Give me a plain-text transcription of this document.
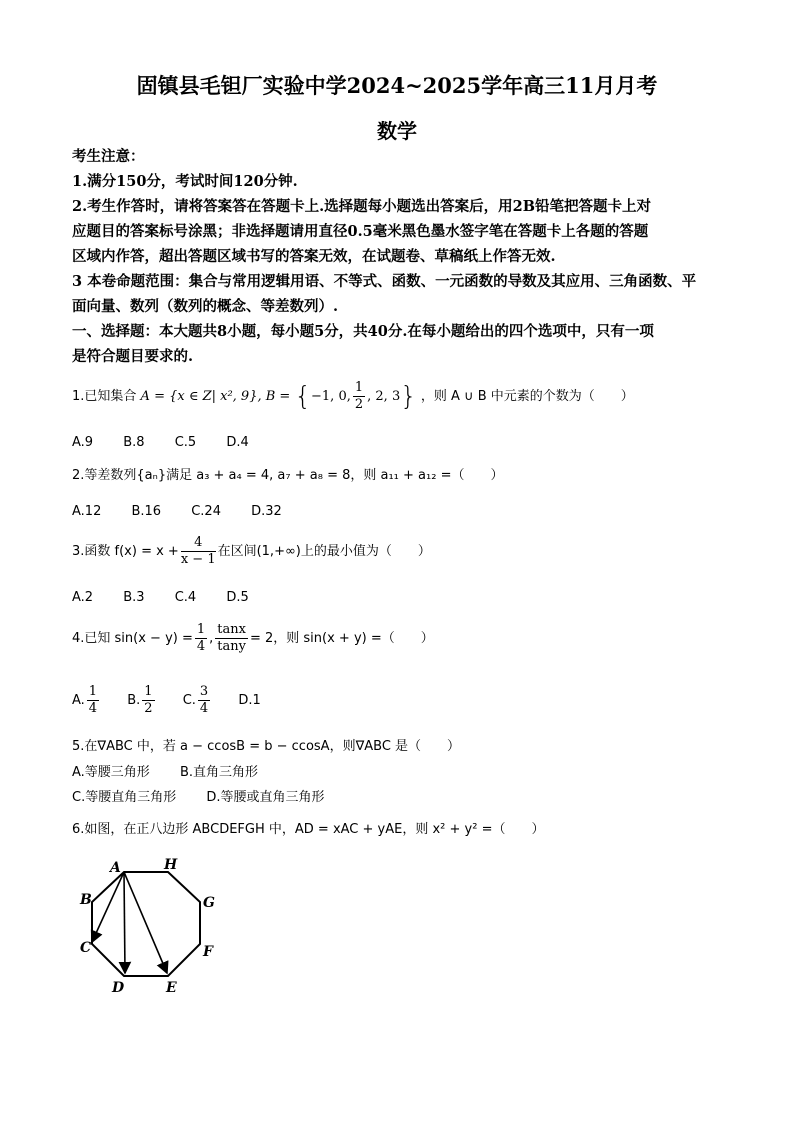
固镇县毛钽厂实验中学2024~2025学年高三11月月考
数学
考生注意：
1.满分150分，考试时间120分钟.
2.考生作答时，请将答案答在答题卡上.选择题每小题选出答案后，用2B铅笔把答题卡上对
应题目的答案标号涂黑；非选择题请用直径0.5毫米黑色墨水签字笔在答题卡上各题的答题
区域内作答，超出答题区域书写的答案无效，在试题卷、草稿纸上作答无效.
3 本卷命题范围：集合与常用逻辑用语、不等式、函数、一元函数的导数及其应用、三角函数、平
面向量、数列（数列的概念、等差数列）.
一、选择题：本大题共8小题，每小题5分，共40分.在每小题给出的四个选项中，只有一项
是符合题目要求的.
1.已知集合 A = {x ∈ Z| x², 9}, B = {−1, 0, $\frac{1}{2}$ , 2, 3} ，则 A ∪ B 中元素的个数为（　　）
A.9 B.8 C.5 D.4
2.等差数列{aₙ}满足 a₃ + a₄ = 4, a₇ + a₈ = 8，则 a₁₁ + a₁₂ =（　　）
A.12 B.16 C.24 D.32
3.函数 $f(x) = x + \frac{4}{x - 1}$ 在区间(1,+∞)上的最小值为（　　）
A.2 B.3 C.4 D.5
4.已知 $\sin(x - y) = \frac{1}{4}$ , $\frac{\tan x}{\tan y} = 2$，则 sin(x + y) =（　　）
A. $\frac{1}{4} B$. $\frac{1}{2} C$. $\frac{3}{4} D.1$
5.在∇ABC 中，若 a − ccosB = b − ccosA，则∇ABC 是（　　）
A.等腰三角形 B.直角三角形
C.等腰直角三角形 D.等腰或直角三角形
6.如图，在正八边形 ABCDEFGH 中，AD = xAC + yAE，则 x² + y² =（　　）
A
B
C
D	E
F
G
H
